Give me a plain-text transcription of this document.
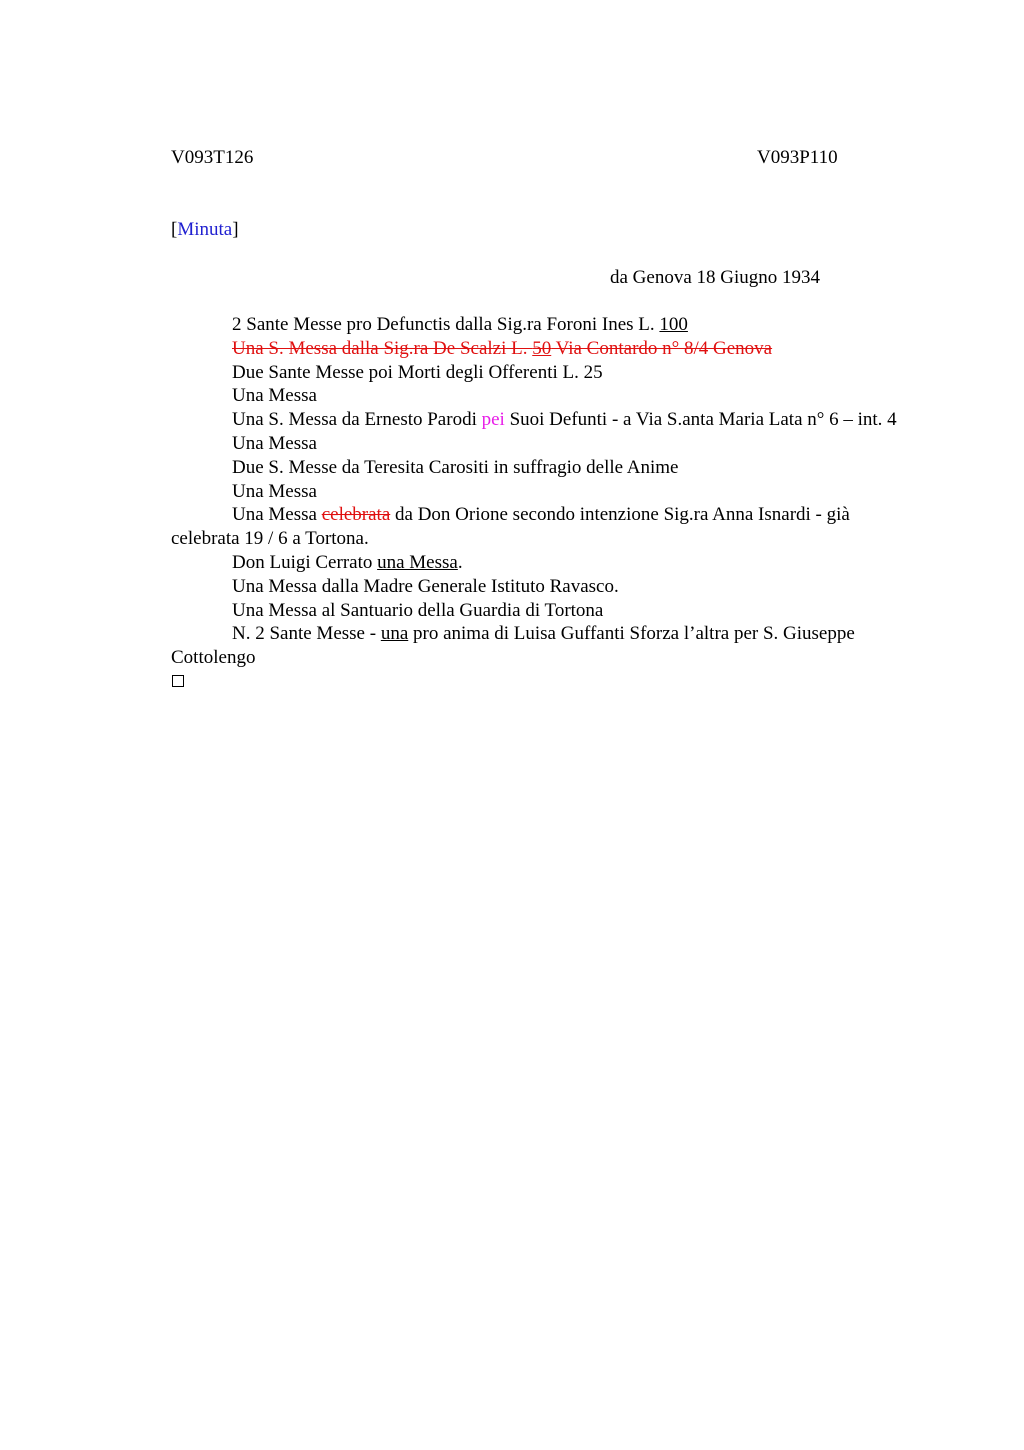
V093T126	V093P110
[Minuta]
da Genova 18 Giugno 1934

2 Sante Messe pro Defunctis dalla Sig.ra Foroni Ines L. 100

Una S. Messa dalla Sig.ra De Scalzi L. 50 Via Contardo n° 8/4 Genova

Due Sante Messe poi Morti degli Offerenti L. 25

Una Messa

Una S. Messa da Ernesto Parodi pei Suoi Defunti - a Via S.anta Maria Lata n° 6 – int. 4

Una Messa

Due S. Messe da Teresita Carositi in suffragio delle Anime

Una Messa

Una Messa celebrata da Don Orione secondo intenzione Sig.ra Anna Isnardi - già celebrata 19 / 6 a Tortona.

Don Luigi Cerrato una Messa.

Una Messa dalla Madre Generale Istituto Ravasco.

Una Messa al Santuario della Guardia di Tortona

N. 2 Sante Messe - una pro anima di Luisa Guffanti Sforza l’altra per S. Giuseppe Cottolengo
